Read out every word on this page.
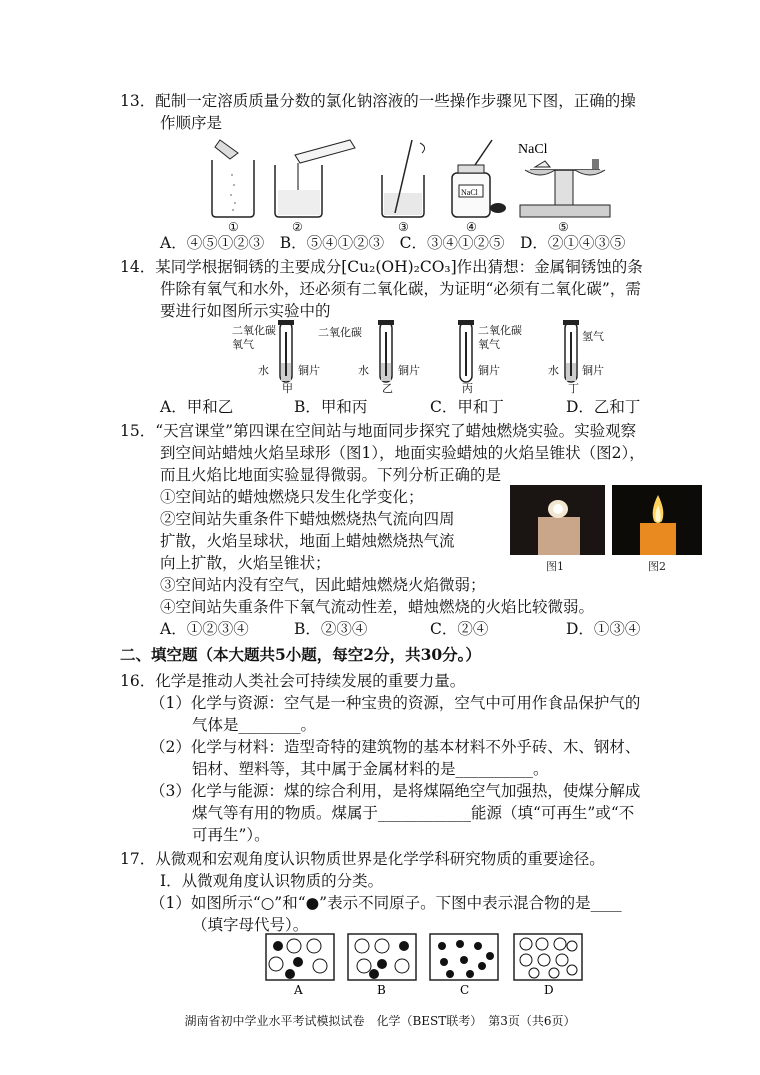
13．配制一定溶质质量分数的氯化钠溶液的一些操作步骤见下图，正确的操
作顺序是
NaCl
NaCl
①	②	③	④	⑤
A．④⑤①②③　B．⑤④①②③　C．③④①②⑤　D．②①④③⑤
14．某同学根据铜锈的主要成分[Cu₂(OH)₂CO₃]作出猜想：金属铜锈蚀的条
件除有氧气和水外，还必须有二氧化碳，为证明“必须有二氧化碳”，需
要进行如图所示实验中的
二氧化碳
氧气
水	铜片
甲
二氧化碳
水	铜片
乙
二氧化碳
氧气
铜片
丙
氢气
水 铜片
丁
A．甲和乙	B．甲和丙	C．甲和丁	D．乙和丁
15．“天宫课堂”第四课在空间站与地面同步探究了蜡烛燃烧实验。实验观察
到空间站蜡烛火焰呈球形（图1），地面实验蜡烛的火焰呈锥状（图2），
而且火焰比地面实验显得微弱。下列分析正确的是
①空间站的蜡烛燃烧只发生化学变化；
②空间站失重条件下蜡烛燃烧热气流向四周
扩散，火焰呈球状，地面上蜡烛燃烧热气流
向上扩散，火焰呈锥状；
③空间站内没有空气，因此蜡烛燃烧火焰微弱；
④空间站失重条件下氧气流动性差，蜡烛燃烧的火焰比较微弱。
图1	图2
A．①②③④	B．②③④	C．②④	D．①③④
二、填空题（本大题共5小题，每空2分，共30分。）
16．化学是推动人类社会可持续发展的重要力量。
（1）化学与资源：空气是一种宝贵的资源，空气中可用作食品保护气的
气体是________。
（2）化学与材料：造型奇特的建筑物的基本材料不外乎砖、木、钢材、
铝材、塑料等，其中属于金属材料的是__________。
（3）化学与能源：煤的综合利用，是将煤隔绝空气加强热，使煤分解成
煤气等有用的物质。煤属于____________能源（填“可再生”或“不
可再生”）。
17．从微观和宏观角度认识物质世界是化学学科研究物质的重要途径。
Ⅰ．从微观角度认识物质的分类。
（1）如图所示“○”和“●”表示不同原子。下图中表示混合物的是____
（填字母代号）。
A	B	C	D
湖南省初中学业水平考试模拟试卷　化学（BEST联考）　第3页（共6页）
